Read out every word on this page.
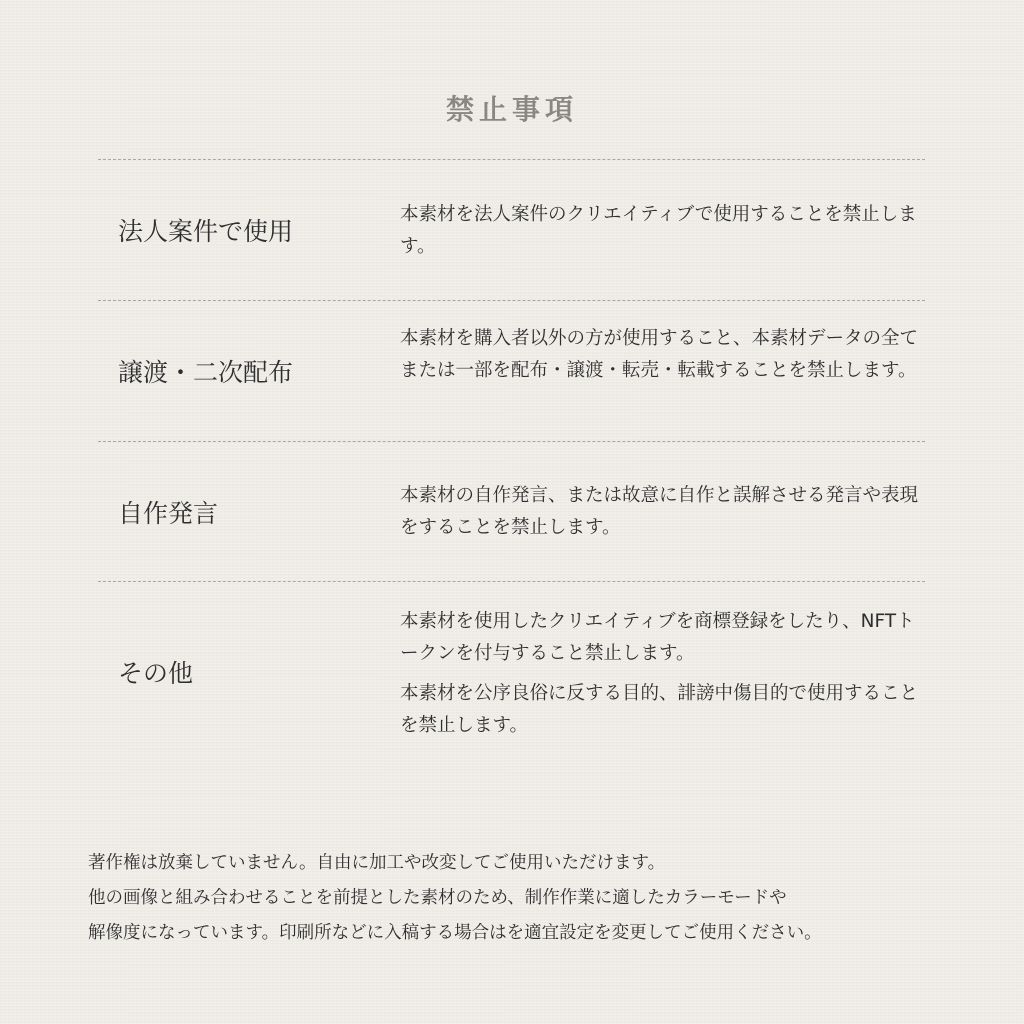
禁止事項
法人案件で使用

本素材を法人案件のクリエイティブで使用することを禁止します。

譲渡・二次配布

本素材を購入者以外の方が使用すること、本素材データの全てまたは一部を配布・譲渡・転売・転載することを禁止します。

自作発言

本素材の自作発言、または故意に自作と誤解させる発言や表現をすることを禁止します。

その他

本素材を使用したクリエイティブを商標登録をしたり、NFTトークンを付与すること禁止します。

本素材を公序良俗に反する目的、誹謗中傷目的で使用することを禁止します。

著作権は放棄していません。自由に加工や改変してご使用いただけます。

他の画像と組み合わせることを前提とした素材のため、制作作業に適したカラーモードや

解像度になっています。印刷所などに入稿する場合はを適宜設定を変更してご使用ください。
